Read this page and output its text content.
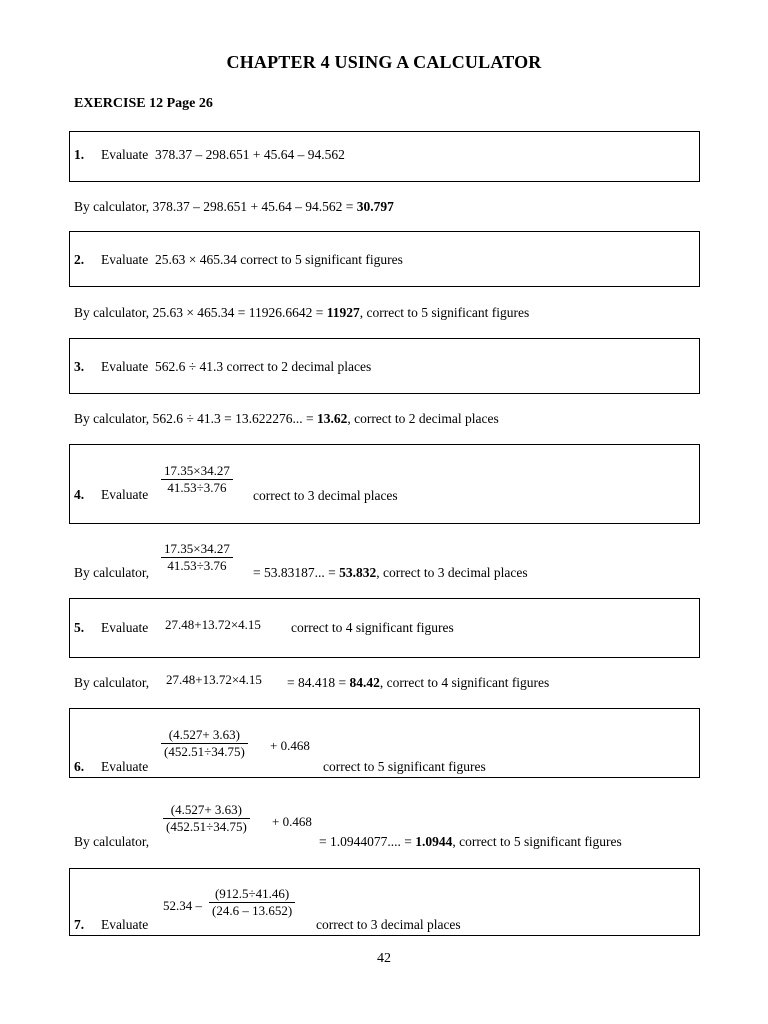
CHAPTER 4 USING A CALCULATOR
EXERCISE 12 Page 26
1. Evaluate 378.37 – 298.651 + 45.64 – 94.562
By calculator, 378.37 – 298.651 + 45.64 – 94.562 = 30.797
2. Evaluate 25.63 × 465.34 correct to 5 significant figures
By calculator, 25.63 × 465.34 = 11926.6642 = 11927, correct to 5 significant figures
3. Evaluate 562.6 ÷ 41.3 correct to 2 decimal places
By calculator, 562.6 ÷ 41.3 = 13.622276... = 13.62, correct to 2 decimal places
4. Evaluate $\frac{17.35\times 34.27}{41.53\div 3.76}$ correct to 3 decimal places
By calculator, $\frac{17.35\times 34.27}{41.53\div 3.76} = 53.83187$... = 53.832, correct to 3 decimal places
5. Evaluate 27.48+13.72×4.15 correct to 4 significant figures
By calculator, 27.48+13.72×4.15 = 84.418 = 84.42, correct to 4 significant figures
6. Evaluate
$\frac{(4.527+ 3.63)}{(452.51\div 34.75)} + 0.468$
correct to 5 significant figures
By calculator,
$\frac{(4.527+ 3.63)}{(452.51\div 34.75)} + 0.468$
= 1.0944077.... = 1.0944, correct to 5 significant figures
7. Evaluate
$52.34 - \frac{(912.5\div 41.46)}{(24.6 - 13.652)}$
correct to 3 decimal places
42
